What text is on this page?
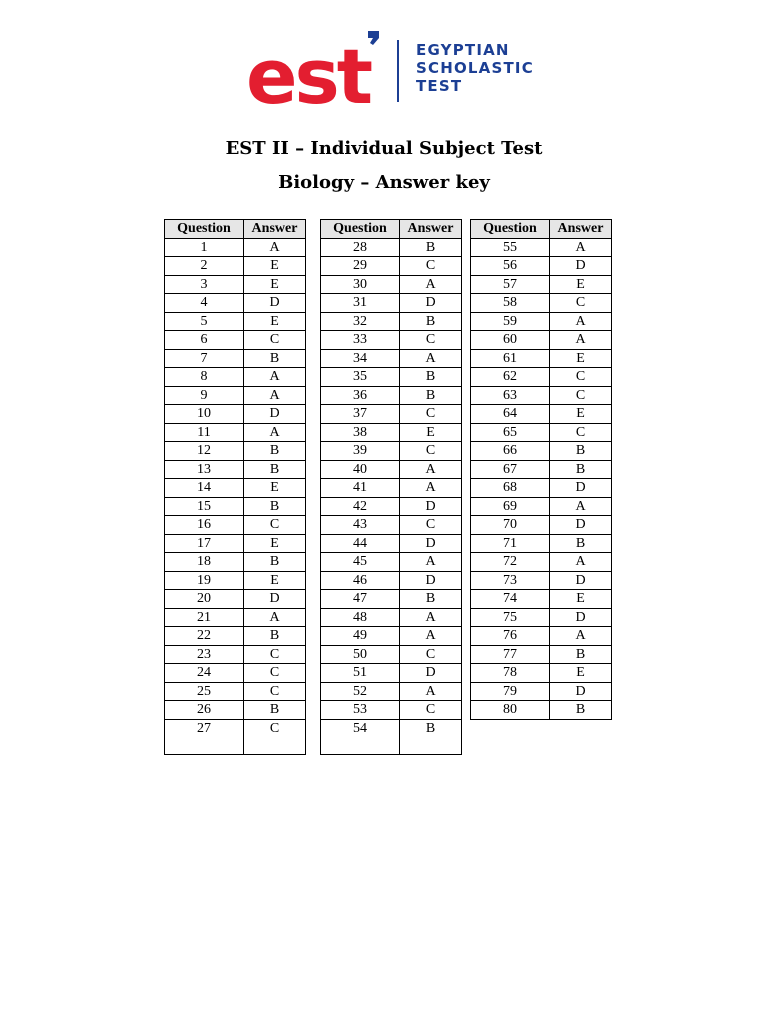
est	EGYPTIAN
SCHOLASTIC
TEST
EST II – Individual Subject Test
Biology – Answer key
Question	Answer
1	A
2	E
3	E
4	D
5	E
6	C
7	B
8	A
9	A
10	D
11	A
12	B
13	B
14	E
15	B
16	C
17	E
18	B
19	E
20	D
21	A
22	B
23	C
24	C
25	C
26	B
27	C
Question	Answer
28	B
29	C
30	A
31	D
32	B
33	C
34	A
35	B
36	B
37	C
38	E
39	C
40	A
41	A
42	D
43	C
44	D
45	A
46	D
47	B
48	A
49	A
50	C
51	D
52	A
53	C
54	B
Question	Answer
55	A
56	D
57	E
58	C
59	A
60	A
61	E
62	C
63	C
64	E
65	C
66	B
67	B
68	D
69	A
70	D
71	B
72	A
73	D
74	E
75	D
76	A
77	B
78	E
79	D
80	B
